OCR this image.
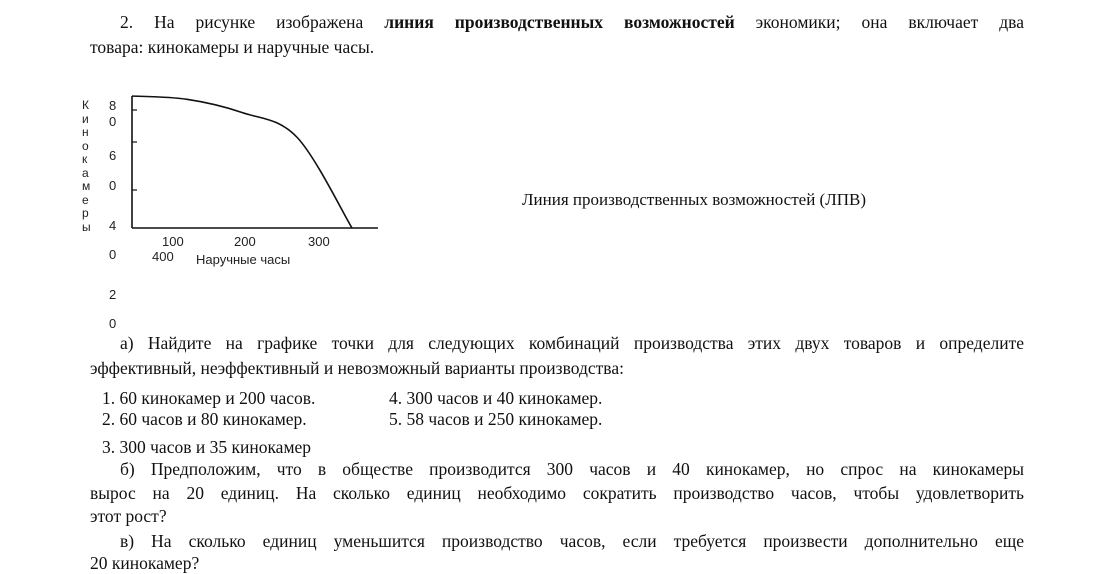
2. На рисунке изображена линия производственных возможностей экономики; она включает два
товара: кинокамеры и наручные часы.
К
и
н
о
к
а
м
е
р
ы
8
0
6
0
4
0
2
0
100	200	300
400 Наручные часы
Линия производственных возможностей (ЛПВ)
а) Найдите на графике точки для следующих комбинаций производства этих двух товаров и определите
эффективный, неэффективный и невозможный варианты производства:
1. 60 кинокамер и 200 часов.	4. 300 часов и 40 кинокамер.
2. 60 часов и 80 кинокамер.	5. 58 часов и 250 кинокамер.
3. 300 часов и 35 кинокамер
б) Предположим, что в обществе производится 300 часов и 40 кинокамер, но спрос на кинокамеры
вырос на 20 единиц. На сколько единиц необходимо сократить производство часов, чтобы удовлетворить
этот рост?
в) На сколько единиц уменьшится производство часов, если требуется произвести дополнительно еще
20 кинокамер?
